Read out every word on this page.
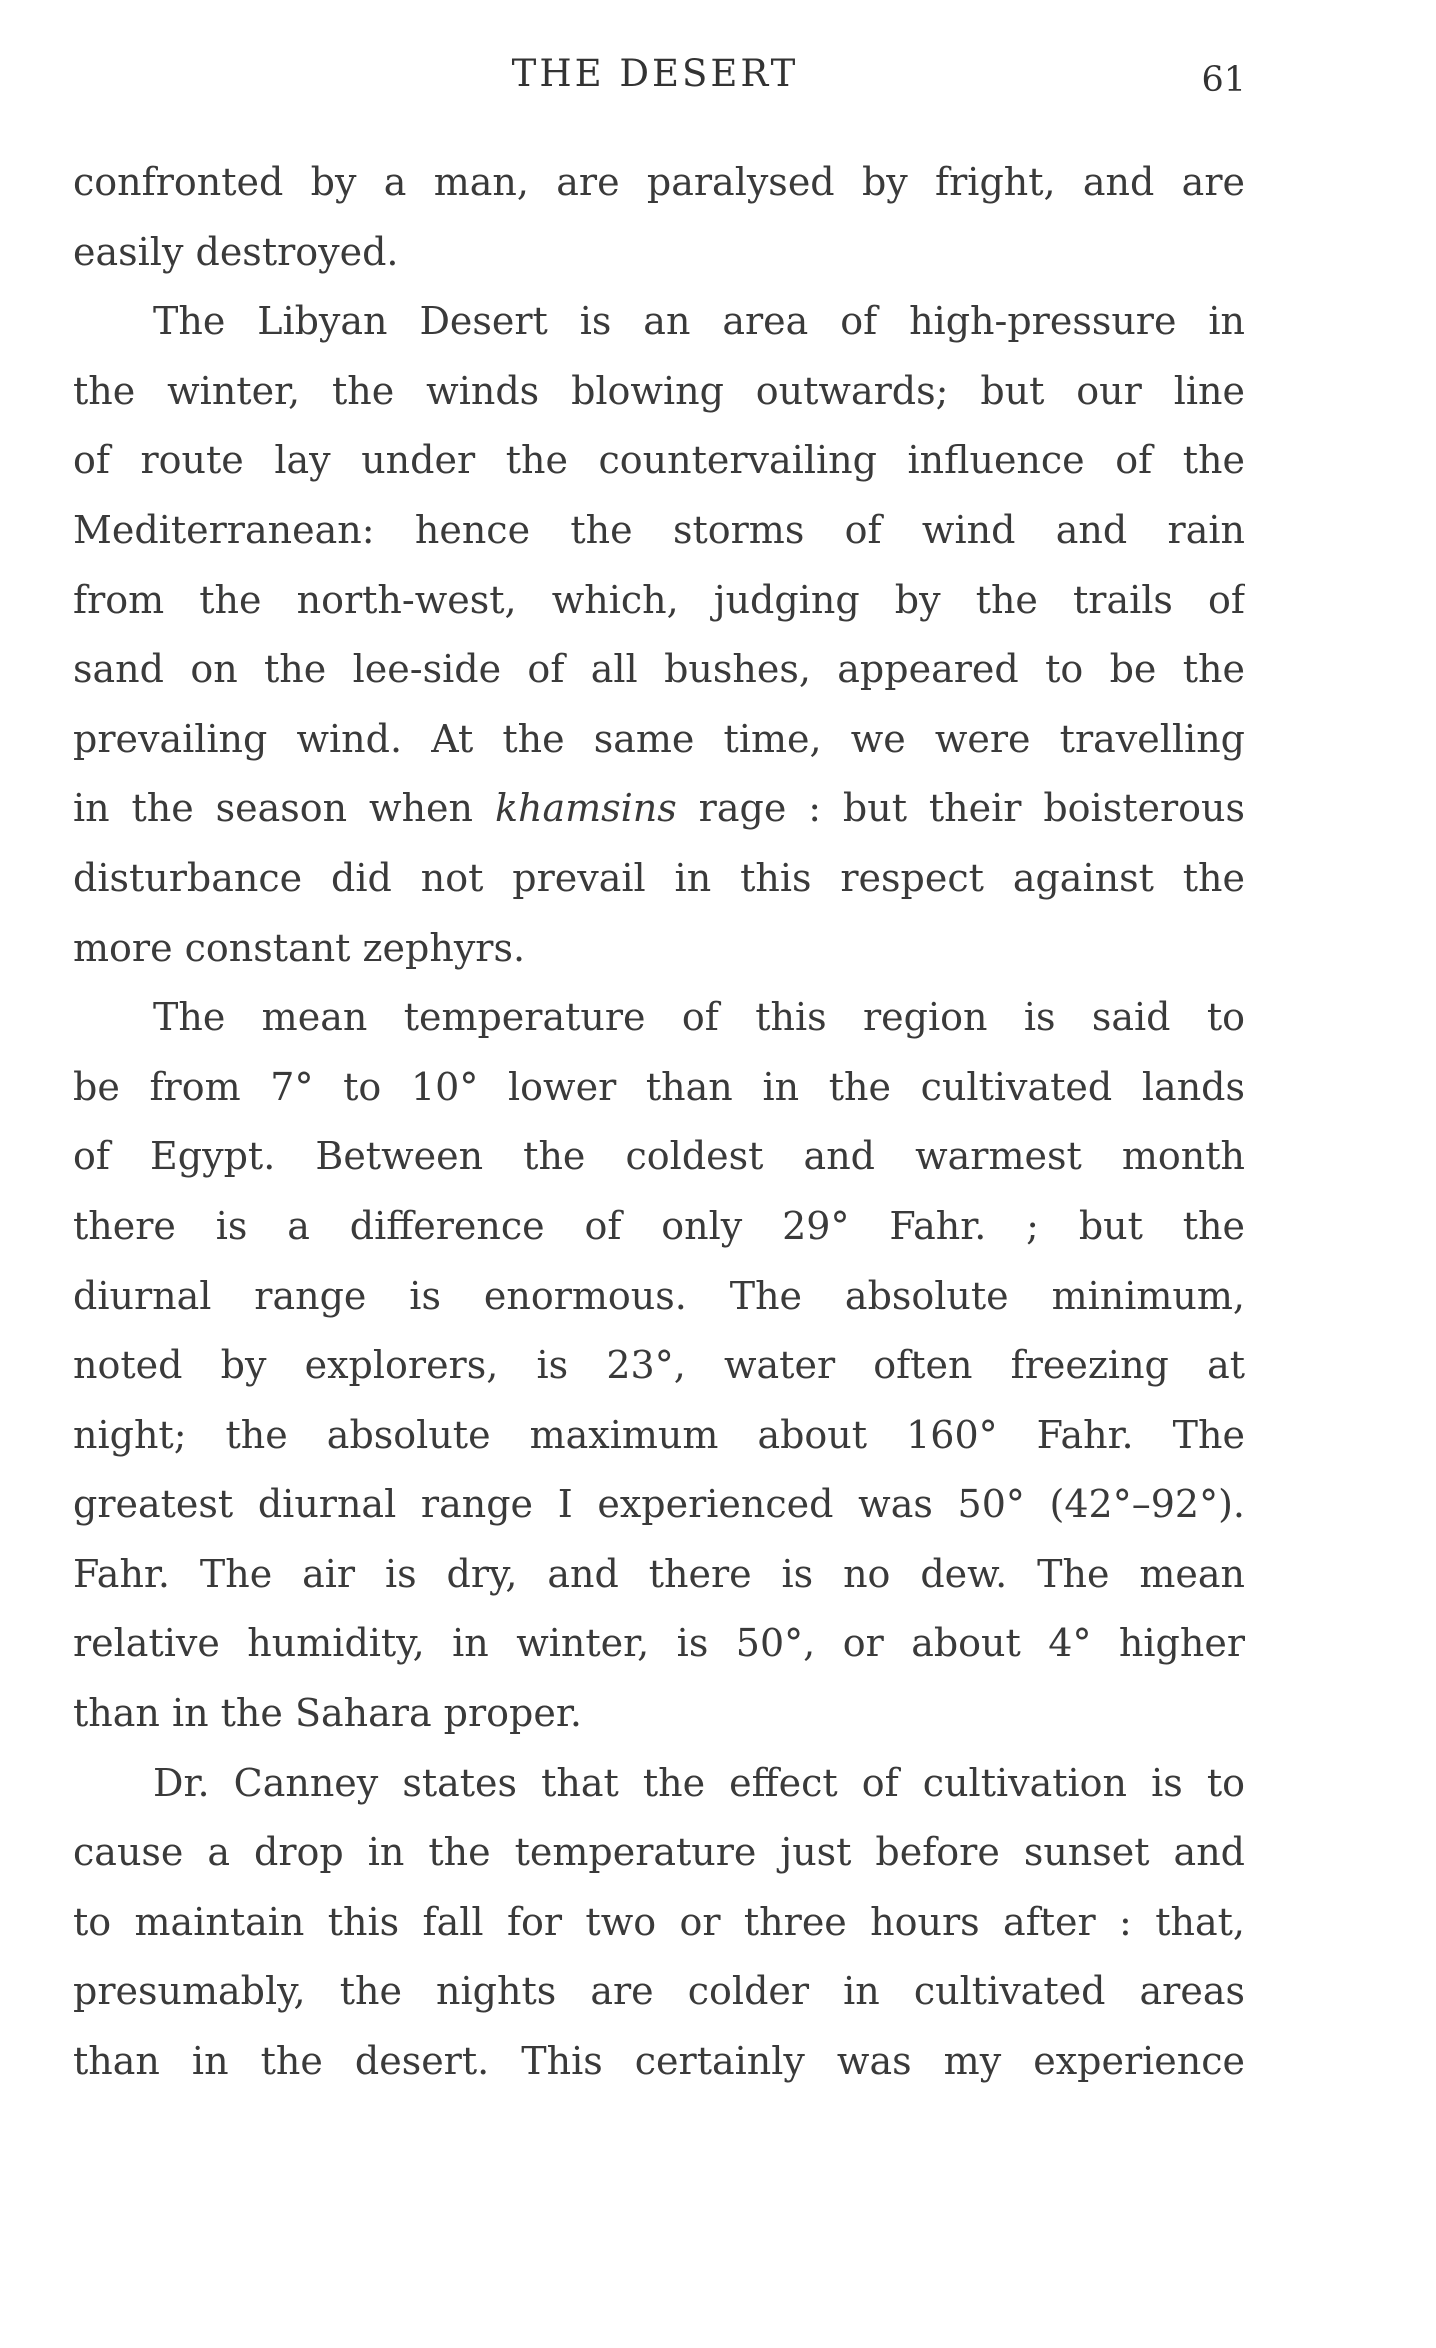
THE DESERT	61
confronted by a man, are paralysed by fright, and are
easily destroyed.
The Libyan Desert is an area of high-pressure in
the winter, the winds blowing outwards; but our line
of route lay under the countervailing influence of the
Mediterranean: hence the storms of wind and rain
from the north-west, which, judging by the trails of
sand on the lee-side of all bushes, appeared to be the
prevailing wind. At the same time, we were travelling
in the season when khamsins rage : but their boisterous
disturbance did not prevail in this respect against the
more constant zephyrs.
The mean temperature of this region is said to
be from 7° to 10° lower than in the cultivated lands
of Egypt. Between the coldest and warmest month
there is a difference of only 29° Fahr. ; but the
diurnal range is enormous. The absolute minimum,
noted by explorers, is 23°, water often freezing at
night; the absolute maximum about 160° Fahr. The
greatest diurnal range I experienced was 50° (42°–92°).
Fahr. The air is dry, and there is no dew. The mean
relative humidity, in winter, is 50°, or about 4° higher
than in the Sahara proper.
Dr. Canney states that the effect of cultivation is to
cause a drop in the temperature just before sunset and
to maintain this fall for two or three hours after : that,
presumably, the nights are colder in cultivated areas
than in the desert. This certainly was my experience
